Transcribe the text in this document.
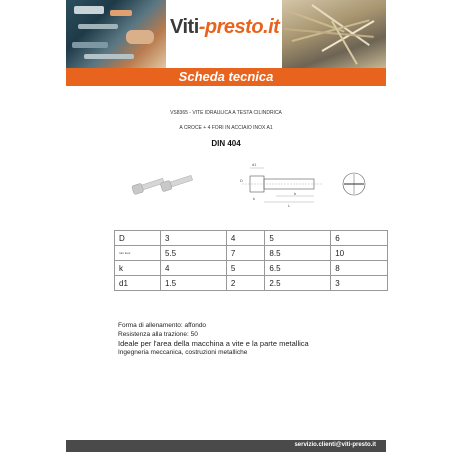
Viti-presto.it
Scheda tecnica
VS8365 - VITE IDRAULICA A TESTA CILINDRICA
A CROCE + 4 FORI IN ACCIAIO INOX A1
DIN 404
d1
k
L
b
D
D	3	4	5	6
mm inox	5.5	7	8.5	10
k	4	5	6.5	8
d1	1.5	2	2.5	3
Forma di allenamento: affondo
Resistenza alla trazione: 50
Ideale per l'area della macchina a vite e la parte metallica
Ingegneria meccanica, costruzioni metalliche
servizio.clienti@viti-presto.it
